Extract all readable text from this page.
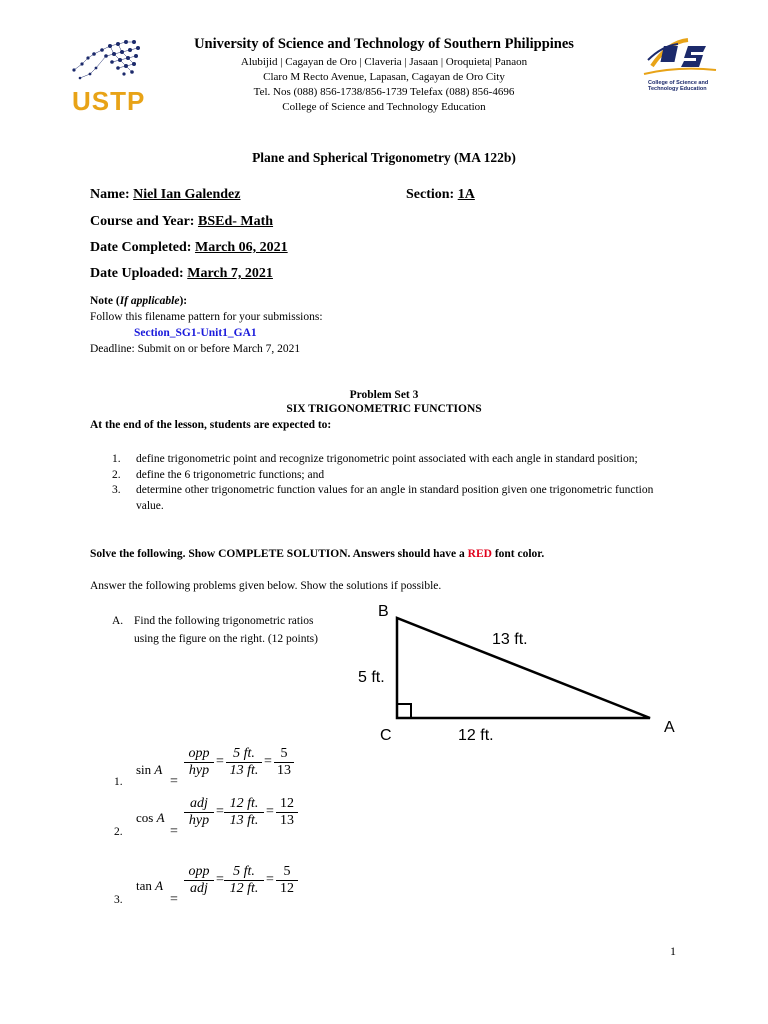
USTP
College of Science and Technology Education
University of Science and Technology of Southern Philippines
Alubijid | Cagayan de Oro | Claveria | Jasaan | Oroquieta| Panaon
Claro M Recto Avenue, Lapasan, Cagayan de Oro City
Tel. Nos (088) 856-1738/856-1739 Telefax (088) 856-4696
College of Science and Technology Education
Plane and Spherical Trigonometry (MA 122b)
Name: Niel Ian Galendez	Section: 1A
Course and Year: BSEd- Math
Date Completed: March 06, 2021
Date Uploaded: March 7, 2021
Note (If applicable):
Follow this filename pattern for your submissions:
Section_SG1-Unit1_GA1
Deadline: Submit on or before March 7, 2021
Problem Set 3
SIX TRIGONOMETRIC FUNCTIONS
At the end of the lesson, students are expected to:
1.	define trigonometric point and recognize trigonometric point associated with each angle in standard position;
2.	define the 6 trigonometric functions; and
3.	determine other trigonometric function values for an angle in standard position given one trigonometric function value.
Solve the following. Show COMPLETE SOLUTION. Answers should have a RED font color.
Answer the following problems given below. Show the solutions if possible.
A. Find the following trigonometric ratios using the figure on the right. (12 points)
B
C	A
5 ft.
13 ft.
12 ft.
1.
sin A
=
opp
hyp
= $\frac{5 ft.}{13 ft.} = \frac{5}{13}$
2.
cos A
=
adj
hyp
= $\frac{12 ft.}{13 ft.} = \frac{12}{13}$
3.
tan A
=
opp
adj
= $\frac{5 ft.}{12 ft.} = \frac{5}{12}$
1
